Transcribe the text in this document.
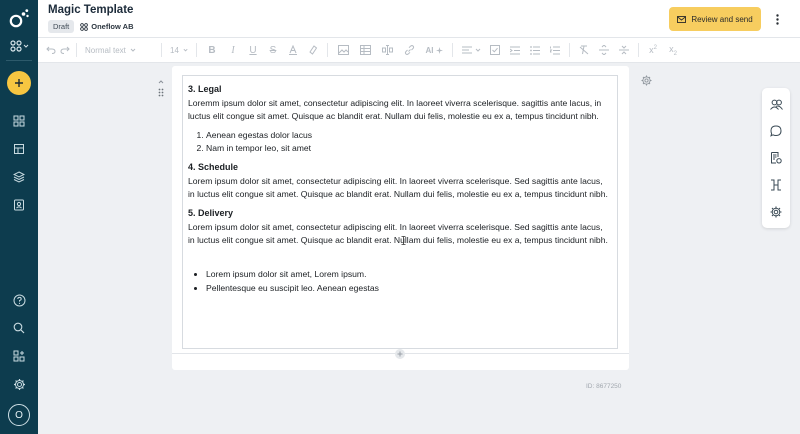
O
Magic Template
Draft	Oneflow AB
Review and send
Normal text	14	B I U S	AI	$x^2$ $x_2$
3. Legal

Loremm ipsum dolor sit amet, consectetur adipiscing elit. In laoreet viverra scelerisque. sagittis ante lacus, in luctus elit congue sit amet. Quisque ac blandit erat. Nullam dui felis, molestie eu ex a, tempus tincidunt nibh.

1. Aenean egestas dolor lacus
2. Nam in tempor leo, sit amet
4. Schedule

Lorem ipsum dolor sit amet, consectetur adipiscing elit. In laoreet viverra scelerisque. Sed sagittis ante lacus, in luctus elit congue sit amet. Quisque ac blandit erat. Nullam dui felis, molestie eu ex a, tempus tincidunt nibh.

5. Delivery

Lorem ipsum dolor sit amet, consectetur adipiscing elit. In laoreet viverra scelerisque. Sed sagittis ante lacus, in luctus elit congue sit amet. Quisque ac blandit erat. Nullam dui felis, molestie eu ex a, tempus tincidunt nibh.

• Lorem ipsum dolor sit amet, Lorem ipsum.
• Pellentesque eu suscipit leo. Aenean egestas
ID: 8677250
